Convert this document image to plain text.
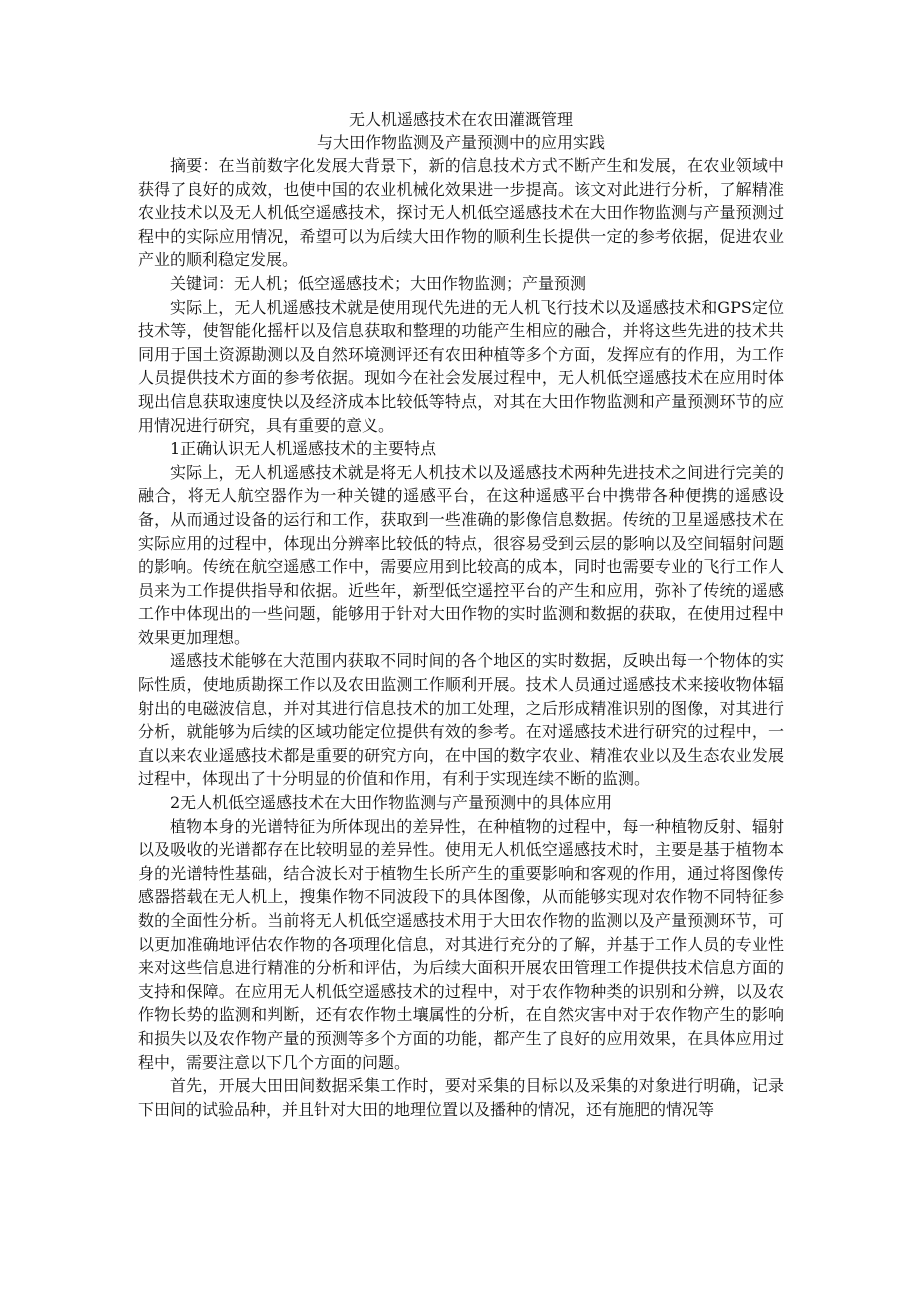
无人机遥感技术在农田灌溉管理
与大田作物监测及产量预测中的应用实践

摘要：在当前数字化发展大背景下，新的信息技术方式不断产生和发展，在农业领域中获得了良好的成效，也使中国的农业机械化效果进一步提高。该文对此进行分析，了解精准农业技术以及无人机低空遥感技术，探讨无人机低空遥感技术在大田作物监测与产量预测过程中的实际应用情况，希望可以为后续大田作物的顺利生长提供一定的参考依据，促进农业产业的顺利稳定发展。

关键词：无人机；低空遥感技术；大田作物监测；产量预测

实际上，无人机遥感技术就是使用现代先进的无人机飞行技术以及遥感技术和GPS定位技术等，使智能化摇杆以及信息获取和整理的功能产生相应的融合，并将这些先进的技术共同用于国土资源勘测以及自然环境测评还有农田种植等多个方面，发挥应有的作用，为工作人员提供技术方面的参考依据。现如今在社会发展过程中，无人机低空遥感技术在应用时体现出信息获取速度快以及经济成本比较低等特点，对其在大田作物监测和产量预测环节的应用情况进行研究，具有重要的意义。

1正确认识无人机遥感技术的主要特点

实际上，无人机遥感技术就是将无人机技术以及遥感技术两种先进技术之间进行完美的融合，将无人航空器作为一种关键的遥感平台，在这种遥感平台中携带各种便携的遥感设备，从而通过设备的运行和工作，获取到一些准确的影像信息数据。传统的卫星遥感技术在实际应用的过程中，体现出分辨率比较低的特点，很容易受到云层的影响以及空间辐射问题的影响。传统在航空遥感工作中，需要应用到比较高的成本，同时也需要专业的飞行工作人员来为工作提供指导和依据。近些年，新型低空遥控平台的产生和应用，弥补了传统的遥感工作中体现出的一些问题，能够用于针对大田作物的实时监测和数据的获取，在使用过程中效果更加理想。

遥感技术能够在大范围内获取不同时间的各个地区的实时数据，反映出每一个物体的实际性质，使地质勘探工作以及农田监测工作顺利开展。技术人员通过遥感技术来接收物体辐射出的电磁波信息，并对其进行信息技术的加工处理，之后形成精准识别的图像，对其进行分析，就能够为后续的区域功能定位提供有效的参考。在对遥感技术进行研究的过程中，一直以来农业遥感技术都是重要的研究方向，在中国的数字农业、精准农业以及生态农业发展过程中，体现出了十分明显的价值和作用，有利于实现连续不断的监测。

2无人机低空遥感技术在大田作物监测与产量预测中的具体应用

植物本身的光谱特征为所体现出的差异性，在种植物的过程中，每一种植物反射、辐射以及吸收的光谱都存在比较明显的差异性。使用无人机低空遥感技术时，主要是基于植物本身的光谱特性基础，结合波长对于植物生长所产生的重要影响和客观的作用，通过将图像传感器搭载在无人机上，搜集作物不同波段下的具体图像，从而能够实现对农作物不同特征参数的全面性分析。当前将无人机低空遥感技术用于大田农作物的监测以及产量预测环节，可以更加准确地评估农作物的各项理化信息，对其进行充分的了解，并基于工作人员的专业性来对这些信息进行精准的分析和评估，为后续大面积开展农田管理工作提供技术信息方面的支持和保障。在应用无人机低空遥感技术的过程中，对于农作物种类的识别和分辨，以及农作物长势的监测和判断，还有农作物土壤属性的分析，在自然灾害中对于农作物产生的影响和损失以及农作物产量的预测等多个方面的功能，都产生了良好的应用效果，在具体应用过程中，需要注意以下几个方面的问题。

首先，开展大田田间数据采集工作时，要对采集的目标以及采集的对象进行明确，记录下田间的试验品种，并且针对大田的地理位置以及播种的情况，还有施肥的情况等
